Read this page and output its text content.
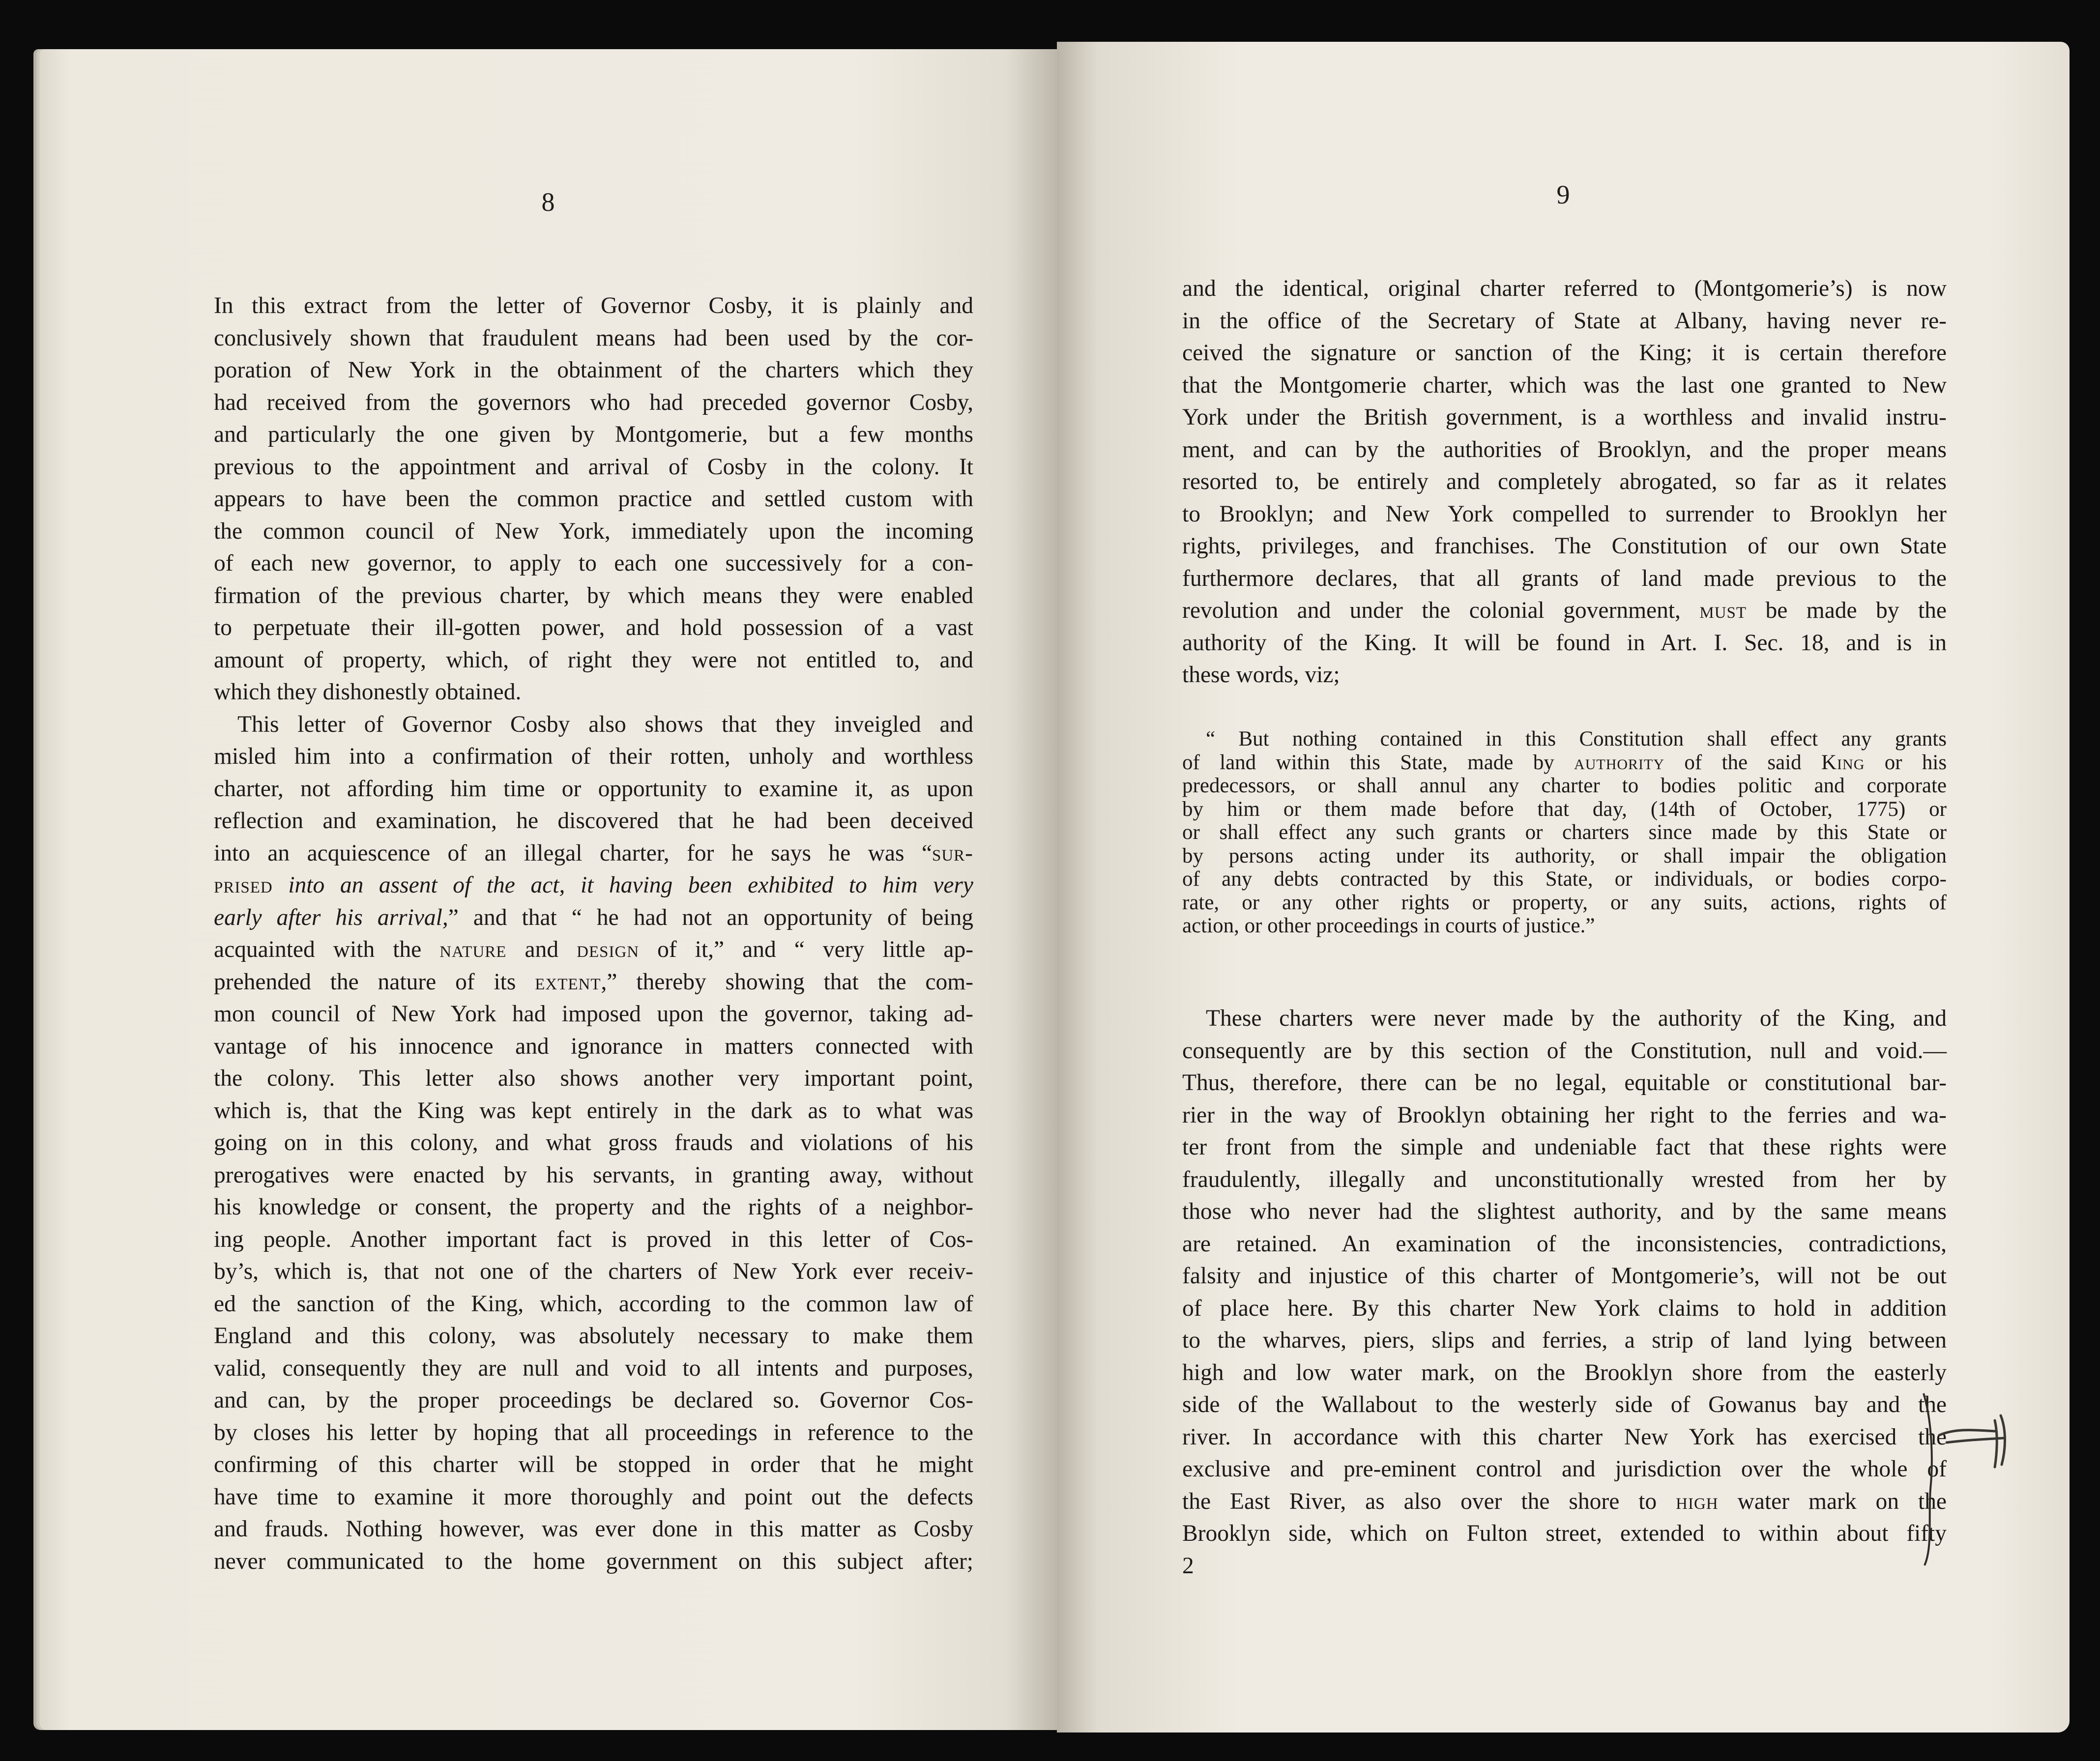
8
In this extract from the letter of Governor Cosby, it is plainly and
conclusively shown that fraudulent means had been used by the cor-
poration of New York in the obtainment of the charters which they
had received from the governors who had preceded governor Cosby,
and particularly the one given by Montgomerie, but a few months
previous to the appointment and arrival of Cosby in the colony. It
appears to have been the common practice and settled custom with
the common council of New York, immediately upon the incoming
of each new governor, to apply to each one successively for a con-
firmation of the previous charter, by which means they were enabled
to perpetuate their ill-gotten power, and hold possession of a vast
amount of property, which, of right they were not entitled to, and
which they dishonestly obtained.
This letter of Governor Cosby also shows that they inveigled and
misled him into a confirmation of their rotten, unholy and worthless
charter, not affording him time or opportunity to examine it, as upon
reflection and examination, he discovered that he had been deceived
into an acquiescence of an illegal charter, for he says he was “sur-
prised into an assent of the act, it having been exhibited to him very
early after his arrival,” and that “ he had not an opportunity of being
acquainted with the nature and design of it,” and “ very little ap-
prehended the nature of its extent,” thereby showing that the com-
mon council of New York had imposed upon the governor, taking ad-
vantage of his innocence and ignorance in matters connected with
the colony. This letter also shows another very important point,
which is, that the King was kept entirely in the dark as to what was
going on in this colony, and what gross frauds and violations of his
prerogatives were enacted by his servants, in granting away, without
his knowledge or consent, the property and the rights of a neighbor-
ing people. Another important fact is proved in this letter of Cos-
by’s, which is, that not one of the charters of New York ever receiv-
ed the sanction of the King, which, according to the common law of
England and this colony, was absolutely necessary to make them
valid, consequently they are null and void to all intents and purposes,
and can, by the proper proceedings be declared so. Governor Cos-
by closes his letter by hoping that all proceedings in reference to the
confirming of this charter will be stopped in order that he might
have time to examine it more thoroughly and point out the defects
and frauds. Nothing however, was ever done in this matter as Cosby
never communicated to the home government on this subject after;
9
and the identical, original charter referred to (Montgomerie’s) is now
in the office of the Secretary of State at Albany, having never re-
ceived the signature or sanction of the King; it is certain therefore
that the Montgomerie charter, which was the last one granted to New
York under the British government, is a worthless and invalid instru-
ment, and can by the authorities of Brooklyn, and the proper means
resorted to, be entirely and completely abrogated, so far as it relates
to Brooklyn; and New York compelled to surrender to Brooklyn her
rights, privileges, and franchises. The Constitution of our own State
furthermore declares, that all grants of land made previous to the
revolution and under the colonial government, must be made by the
authority of the King. It will be found in Art. I. Sec. 18, and is in
these words, viz;
“ But nothing contained in this Constitution shall effect any grants
of land within this State, made by authority of the said King or his
predecessors, or shall annul any charter to bodies politic and corporate
by him or them made before that day, (14th of October, 1775) or
or shall effect any such grants or charters since made by this State or
by persons acting under its authority, or shall impair the obligation
of any debts contracted by this State, or individuals, or bodies corpo-
rate, or any other rights or property, or any suits, actions, rights of
action, or other proceedings in courts of justice.”
These charters were never made by the authority of the King, and
consequently are by this section of the Constitution, null and void.—
Thus, therefore, there can be no legal, equitable or constitutional bar-
rier in the way of Brooklyn obtaining her right to the ferries and wa-
ter front from the simple and undeniable fact that these rights were
fraudulently, illegally and unconstitutionally wrested from her by
those who never had the slightest authority, and by the same means
are retained. An examination of the inconsistencies, contradictions,
falsity and injustice of this charter of Montgomerie’s, will not be out
of place here. By this charter New York claims to hold in addition
to the wharves, piers, slips and ferries, a strip of land lying between
high and low water mark, on the Brooklyn shore from the easterly
side of the Wallabout to the westerly side of Gowanus bay and the
river. In accordance with this charter New York has exercised the
exclusive and pre-eminent control and jurisdiction over the whole of
the East River, as also over the shore to high water mark on the
Brooklyn side, which on Fulton street, extended to within about fifty
2
